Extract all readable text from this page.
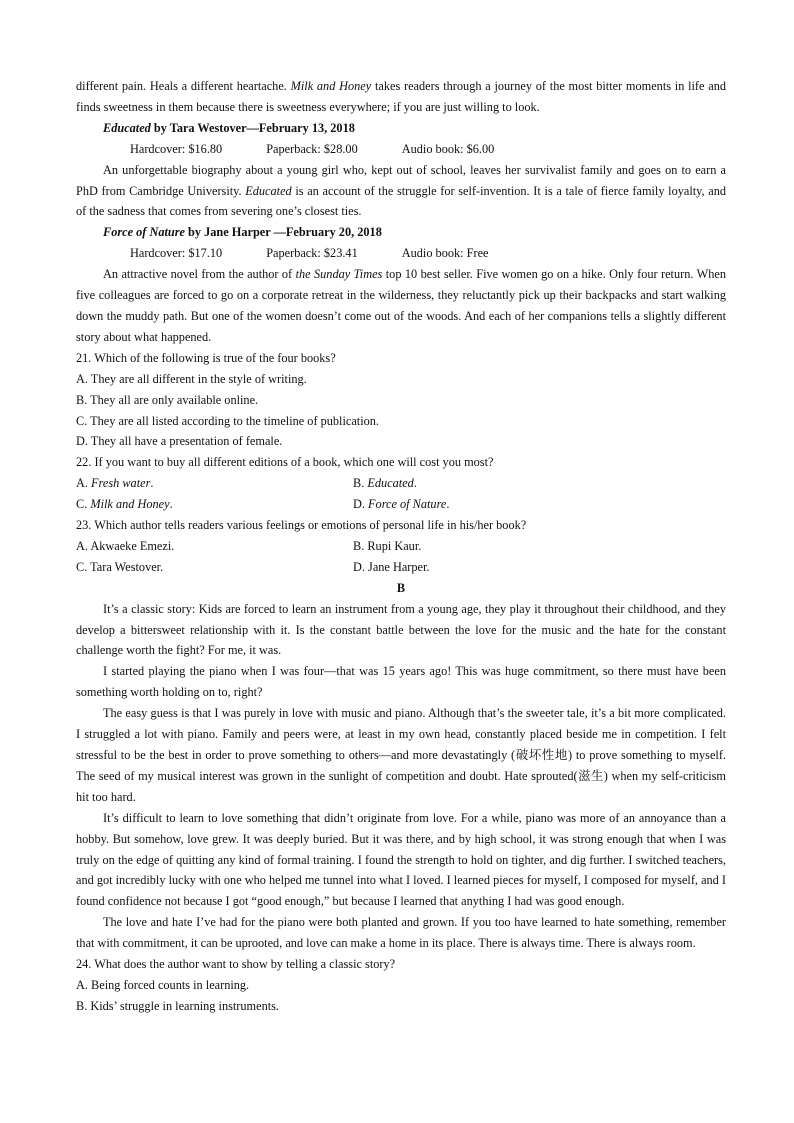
different pain. Heals a different heartache. Milk and Honey takes readers through a journey of the most bitter moments in life and finds sweetness in them because there is sweetness everywhere; if you are just willing to look.

Educated by Tara Westover—February 13, 2018

Hardcover: $16.80	Paperback: $28.00	Audio book: $6.00

An unforgettable biography about a young girl who, kept out of school, leaves her survivalist family and goes on to earn a PhD from Cambridge University. Educated is an account of the struggle for self-invention. It is a tale of fierce family loyalty, and of the sadness that comes from severing one’s closest ties.

Force of Nature by Jane Harper —February 20, 2018

Hardcover: $17.10	Paperback: $23.41	Audio book: Free

An attractive novel from the author of the Sunday Times top 10 best seller. Five women go on a hike. Only four return. When five colleagues are forced to go on a corporate retreat in the wilderness, they reluctantly pick up their backpacks and start walking down the muddy path. But one of the women doesn’t come out of the woods. And each of her companions tells a slightly different story about what happened.

21. Which of the following is true of the four books?

A. They are all different in the style of writing.

B. They all are only available online.

C. They are all listed according to the timeline of publication.

D. They all have a presentation of female.

22. If you want to buy all different editions of a book, which one will cost you most?

A. Fresh water.	B. Educated.
C. Milk and Honey.	D. Force of Nature.

23. Which author tells readers various feelings or emotions of personal life in his/her book?

A. Akwaeke Emezi.	B. Rupi Kaur.
C. Tara Westover.	D. Jane Harper.

B

It’s a classic story: Kids are forced to learn an instrument from a young age, they play it throughout their childhood, and they develop a bittersweet relationship with it. Is the constant battle between the love for the music and the hate for the constant challenge worth the fight? For me, it was.

I started playing the piano when I was four—that was 15 years ago! This was huge commitment, so there must have been something worth holding on to, right?

The easy guess is that I was purely in love with music and piano. Although that’s the sweeter tale, it’s a bit more complicated. I struggled a lot with piano. Family and peers were, at least in my own head, constantly placed beside me in competition. I felt stressful to be the best in order to prove something to others—and more devastatingly (破坏性地) to prove something to myself. The seed of my musical interest was grown in the sunlight of competition and doubt. Hate sprouted(滋生) when my self-criticism hit too hard.

It’s difficult to learn to love something that didn’t originate from love. For a while, piano was more of an annoyance than a hobby. But somehow, love grew. It was deeply buried. But it was there, and by high school, it was strong enough that when I was truly on the edge of quitting any kind of formal training. I found the strength to hold on tighter, and dig further. I switched teachers, and got incredibly lucky with one who helped me tunnel into what I loved. I learned pieces for myself, I composed for myself, and I found confidence not because I got “good enough,” but because I learned that anything I had was good enough.

The love and hate I’ve had for the piano were both planted and grown. If you too have learned to hate something, remember that with commitment, it can be uprooted, and love can make a home in its place. There is always time. There is always room.

24. What does the author want to show by telling a classic story?

A. Being forced counts in learning.

B. Kids’ struggle in learning instruments.
